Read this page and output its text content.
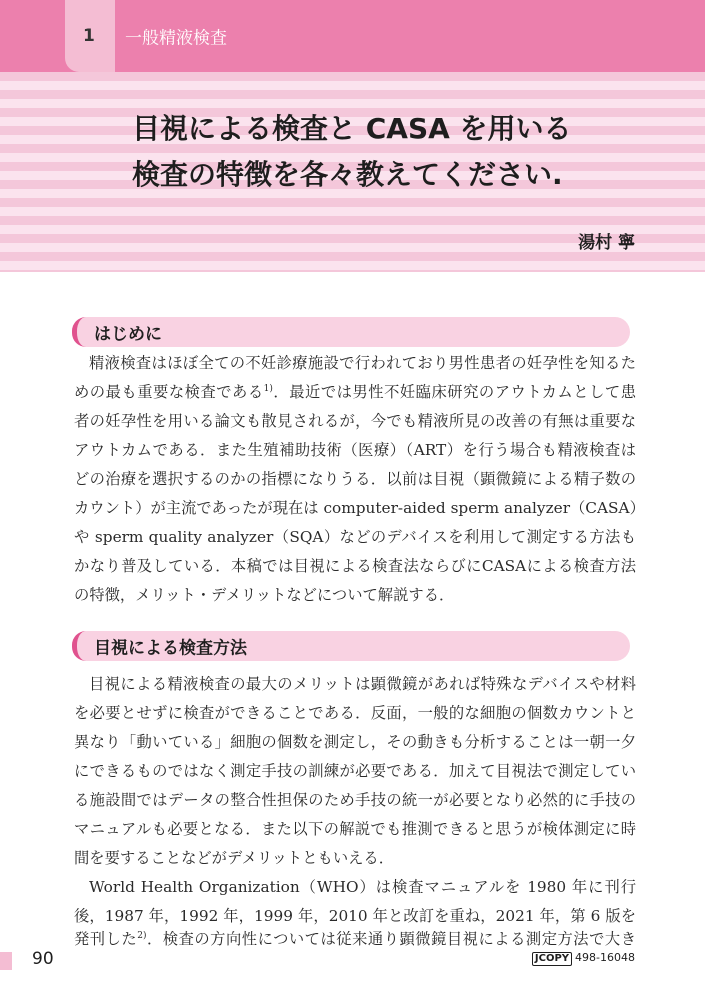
1 一般精液検査
目視による検査と CASA を用いる
検査の特徴を各々教えてください.
湯村 寧
はじめに
精液検査はほぼ全ての不妊診療施設で行われており男性患者の妊孕性を知るた
めの最も重要な検査である$^{1)}$．最近では男性不妊臨床研究のアウトカムとして患
者の妊孕性を用いる論文も散見されるが，今でも精液所見の改善の有無は重要な
アウトカムである．また生殖補助技術（医療）（ART）を行う場合も精液検査は
どの治療を選択するのかの指標になりうる．以前は目視（顕微鏡による精子数の
カウント）が主流であったが現在は computer-aided sperm analyzer（CASA）
や sperm quality analyzer（SQA）などのデバイスを利用して測定する方法も
かなり普及している．本稿では目視による検査法ならびにCASAによる検査方法
の特徴，メリット・デメリットなどについて解説する．
目視による検査方法
目視による精液検査の最大のメリットは顕微鏡があれば特殊なデバイスや材料
を必要とせずに検査ができることである．反面，一般的な細胞の個数カウントと
異なり「動いている」細胞の個数を測定し，その動きも分析することは一朝一夕
にできるものではなく測定手技の訓練が必要である．加えて目視法で測定してい
る施設間ではデータの整合性担保のため手技の統一が必要となり必然的に手技の
マニュアルも必要となる．また以下の解説でも推測できると思うが検体測定に時
間を要することなどがデメリットともいえる．
World Health Organization（WHO）は検査マニュアルを 1980 年に刊行
後，1987 年，1992 年，1999 年，2010 年と改訂を重ね，2021 年，第 6 版を
発刊した$^{2)}$．検査の方向性については従来通り顕微鏡目視による測定方法で大き
90	JCOPY 498-16048
